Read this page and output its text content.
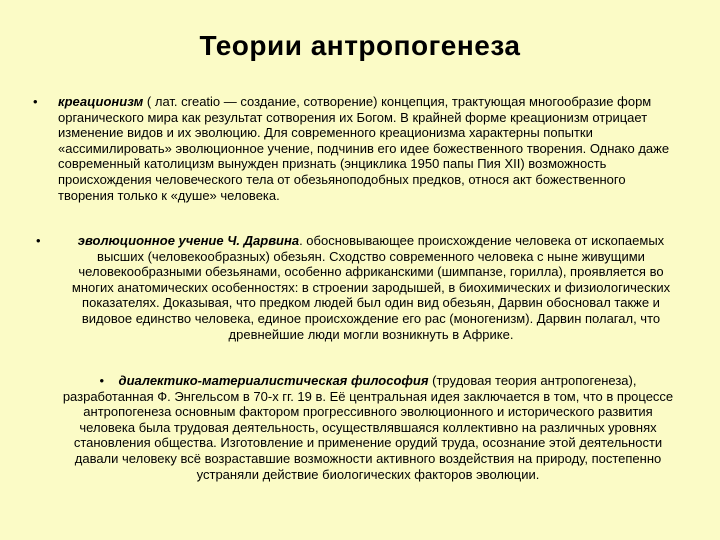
Теории антропогенеза
• креационизм ( лат. creatio — создание, сотворение) концепция, трактующая многообразие форм органического мира как результат сотворения их Богом. В крайней форме креационизм отрицает изменение видов и их эволюцию. Для современного креационизма характерны попытки «ассимилировать» эволюционное учение, подчинив его идее божественного творения. Однако даже современный католицизм вынужден признать (энциклика 1950 папы Пия XII) возможность происхождения человеческого тела от обезьяноподобных предков, относя акт божественного творения только к «душе» человека.
•	эволюционное учение Ч. Дарвина. обосновывающее происхождение человека от ископаемых высших (человекообразных) обезьян. Сходство современного человека с ныне живущими человекообразными обезьянами, особенно африканскими (шимпанзе, горилла), проявляется во многих анатомических особенностях: в строении зародышей, в биохимических и физиологических показателях. Доказывая, что предком людей был один вид обезьян, Дарвин обосновал также и видовое единство человека, единое происхождение его рас (моногенизм). Дарвин полагал, что древнейшие люди могли возникнуть в Африке.
• диалектико-материалистическая философия (трудовая теория антропогенеза), разработанная Ф. Энгельсом в 70-х гг. 19 в. Её центральная идея заключается в том, что в процессе антропогенеза основным фактором прогрессивного эволюционного и исторического развития человека была трудовая деятельность, осуществлявшаяся коллективно на различных уровнях становления общества. Изготовление и применение орудий труда, осознание этой деятельности давали человеку всё возраставшие возможности активного воздействия на природу, постепенно устраняли действие биологических факторов эволюции.
